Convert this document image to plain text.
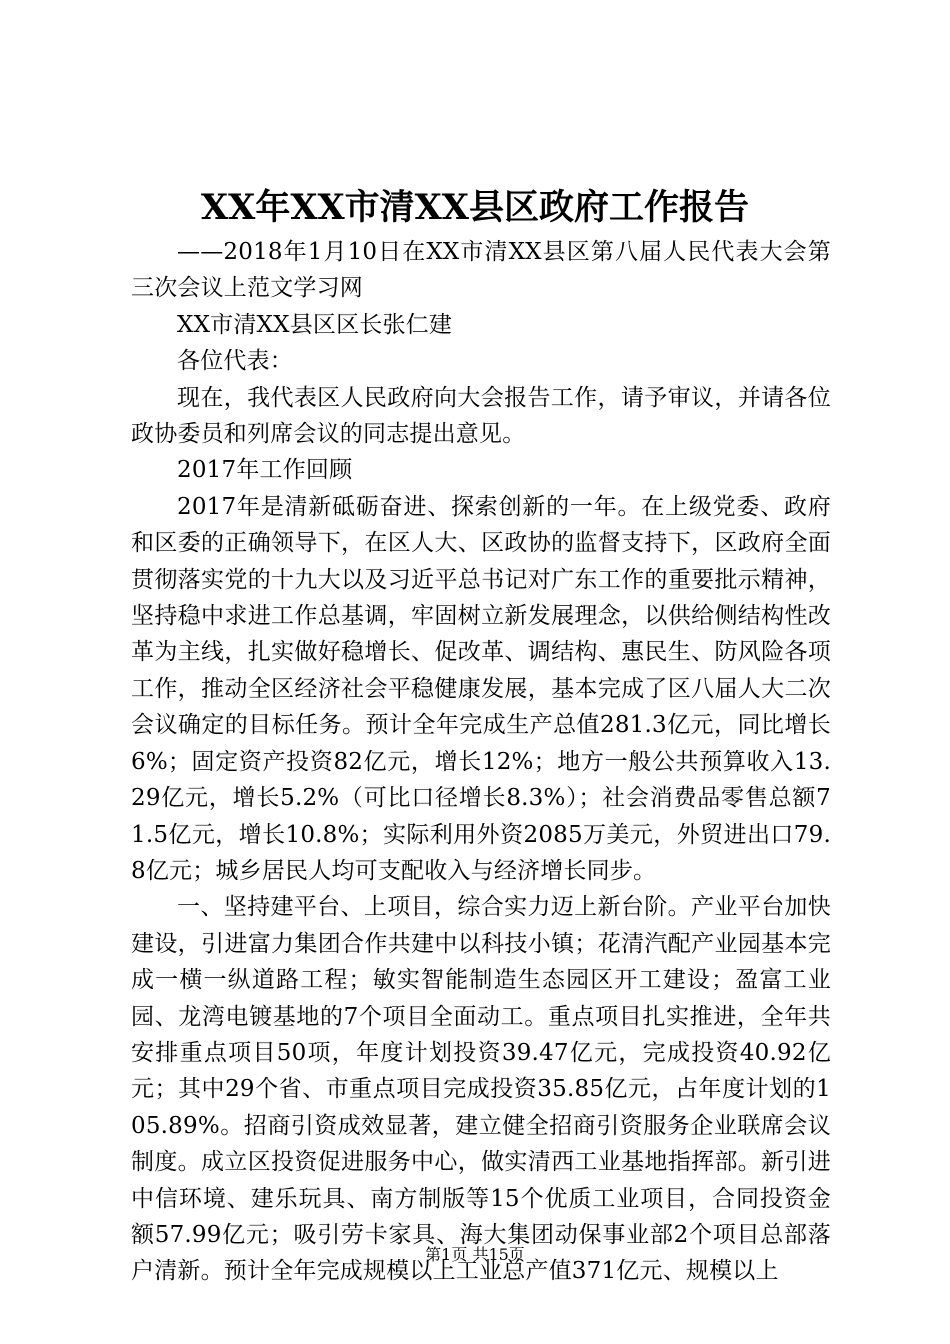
XX年XX市清XX县区政府工作报告

——2018年1月10日在XX市清XX县区第八届人民代表大会第三次会议上范文学习网

XX市清XX县区区长张仁建

各位代表：

现在，我代表区人民政府向大会报告工作，请予审议，并请各位政协委员和列席会议的同志提出意见。

2017年工作回顾

2017年是清新砥砺奋进、探索创新的一年。在上级党委、政府和区委的正确领导下，在区人大、区政协的监督支持下，区政府全面贯彻落实党的十九大以及习近平总书记对广东工作的重要批示精神，坚持稳中求进工作总基调，牢固树立新发展理念，以供给侧结构性改革为主线，扎实做好稳增长、促改革、调结构、惠民生、防风险各项工作，推动全区经济社会平稳健康发展，基本完成了区八届人大二次会议确定的目标任务。预计全年完成生产总值281.3亿元，同比增长6%；固定资产投资82亿元，增长12%；地方一般公共预算收入13.29亿元，增长5.2%（可比口径增长8.3%）；社会消费品零售总额71.5亿元，增长10.8%；实际利用外资2085万美元，外贸进出口79.8亿元；城乡居民人均可支配收入与经济增长同步。

一、坚持建平台、上项目，综合实力迈上新台阶。产业平台加快建设，引进富力集团合作共建中以科技小镇；花清汽配产业园基本完成一横一纵道路工程；敏实智能制造生态园区开工建设；盈富工业园、龙湾电镀基地的7个项目全面动工。重点项目扎实推进，全年共安排重点项目50项，年度计划投资39.47亿元，完成投资40.92亿元；其中29个省、市重点项目完成投资35.85亿元，占年度计划的105.89%。招商引资成效显著，建立健全招商引资服务企业联席会议制度。成立区投资促进服务中心，做实清西工业基地指挥部。新引进中信环境、建乐玩具、南方制版等15个优质工业项目，合同投资金额57.99亿元；吸引劳卡家具、海大集团动保事业部2个项目总部落户清新。预计全年完成规模以上工业总产值371亿元、规模以上

第1页 共15页
